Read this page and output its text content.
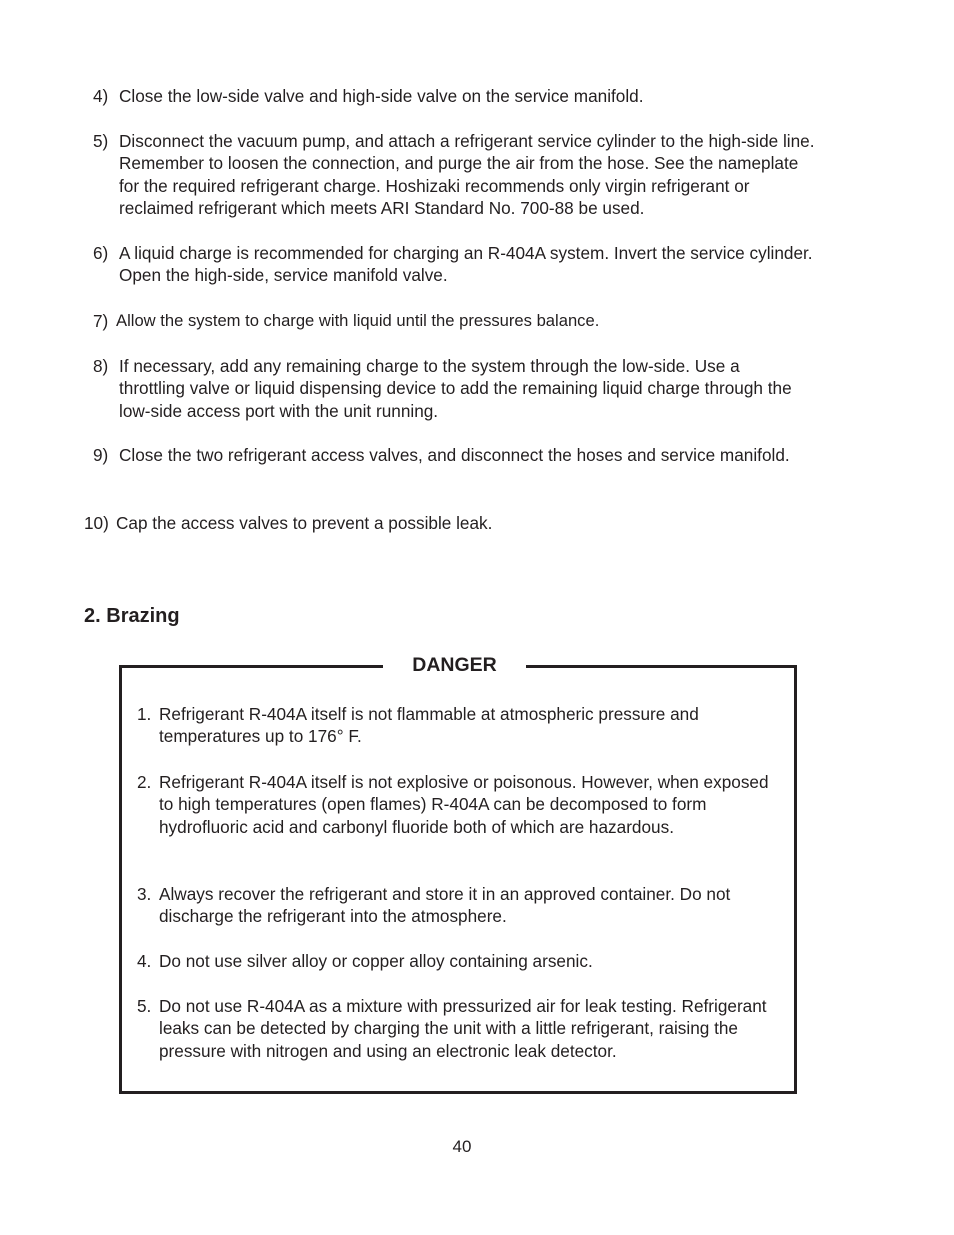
4) Close the low-side valve and high-side valve on the service manifold.
5) Disconnect the vacuum pump, and attach a refrigerant service cylinder to the high-side line. Remember to loosen the connection, and purge the air from the hose. See the nameplate for the required refrigerant charge. Hoshizaki recommends only virgin refrigerant or reclaimed refrigerant which meets ARI Standard No. 700-88 be used.
6) A liquid charge is recommended for charging an R-404A system. Invert the service cylinder. Open the high-side, service manifold valve.
7) Allow the system to charge with liquid until the pressures balance.
8) If necessary, add any remaining charge to the system through the low-side. Use a throttling valve or liquid dispensing device to add the remaining liquid charge through the low-side access port with the unit running.
9) Close the two refrigerant access valves, and disconnect the hoses and service manifold.
10) Cap the access valves to prevent a possible leak.
2. Brazing
DANGER
1. Refrigerant R-404A itself is not flammable at atmospheric pressure and temperatures up to 176° F.
2. Refrigerant R-404A itself is not explosive or poisonous. However, when exposed to high temperatures (open flames) R-404A can be decomposed to form hydrofluoric acid and carbonyl fluoride both of which are hazardous.
3. Always recover the refrigerant and store it in an approved container. Do not discharge the refrigerant into the atmosphere.
4. Do not use silver alloy or copper alloy containing arsenic.
5. Do not use R-404A as a mixture with pressurized air for leak testing. Refrigerant leaks can be detected by charging the unit with a little refrigerant, raising the pressure with nitrogen and using an electronic leak detector.
40
